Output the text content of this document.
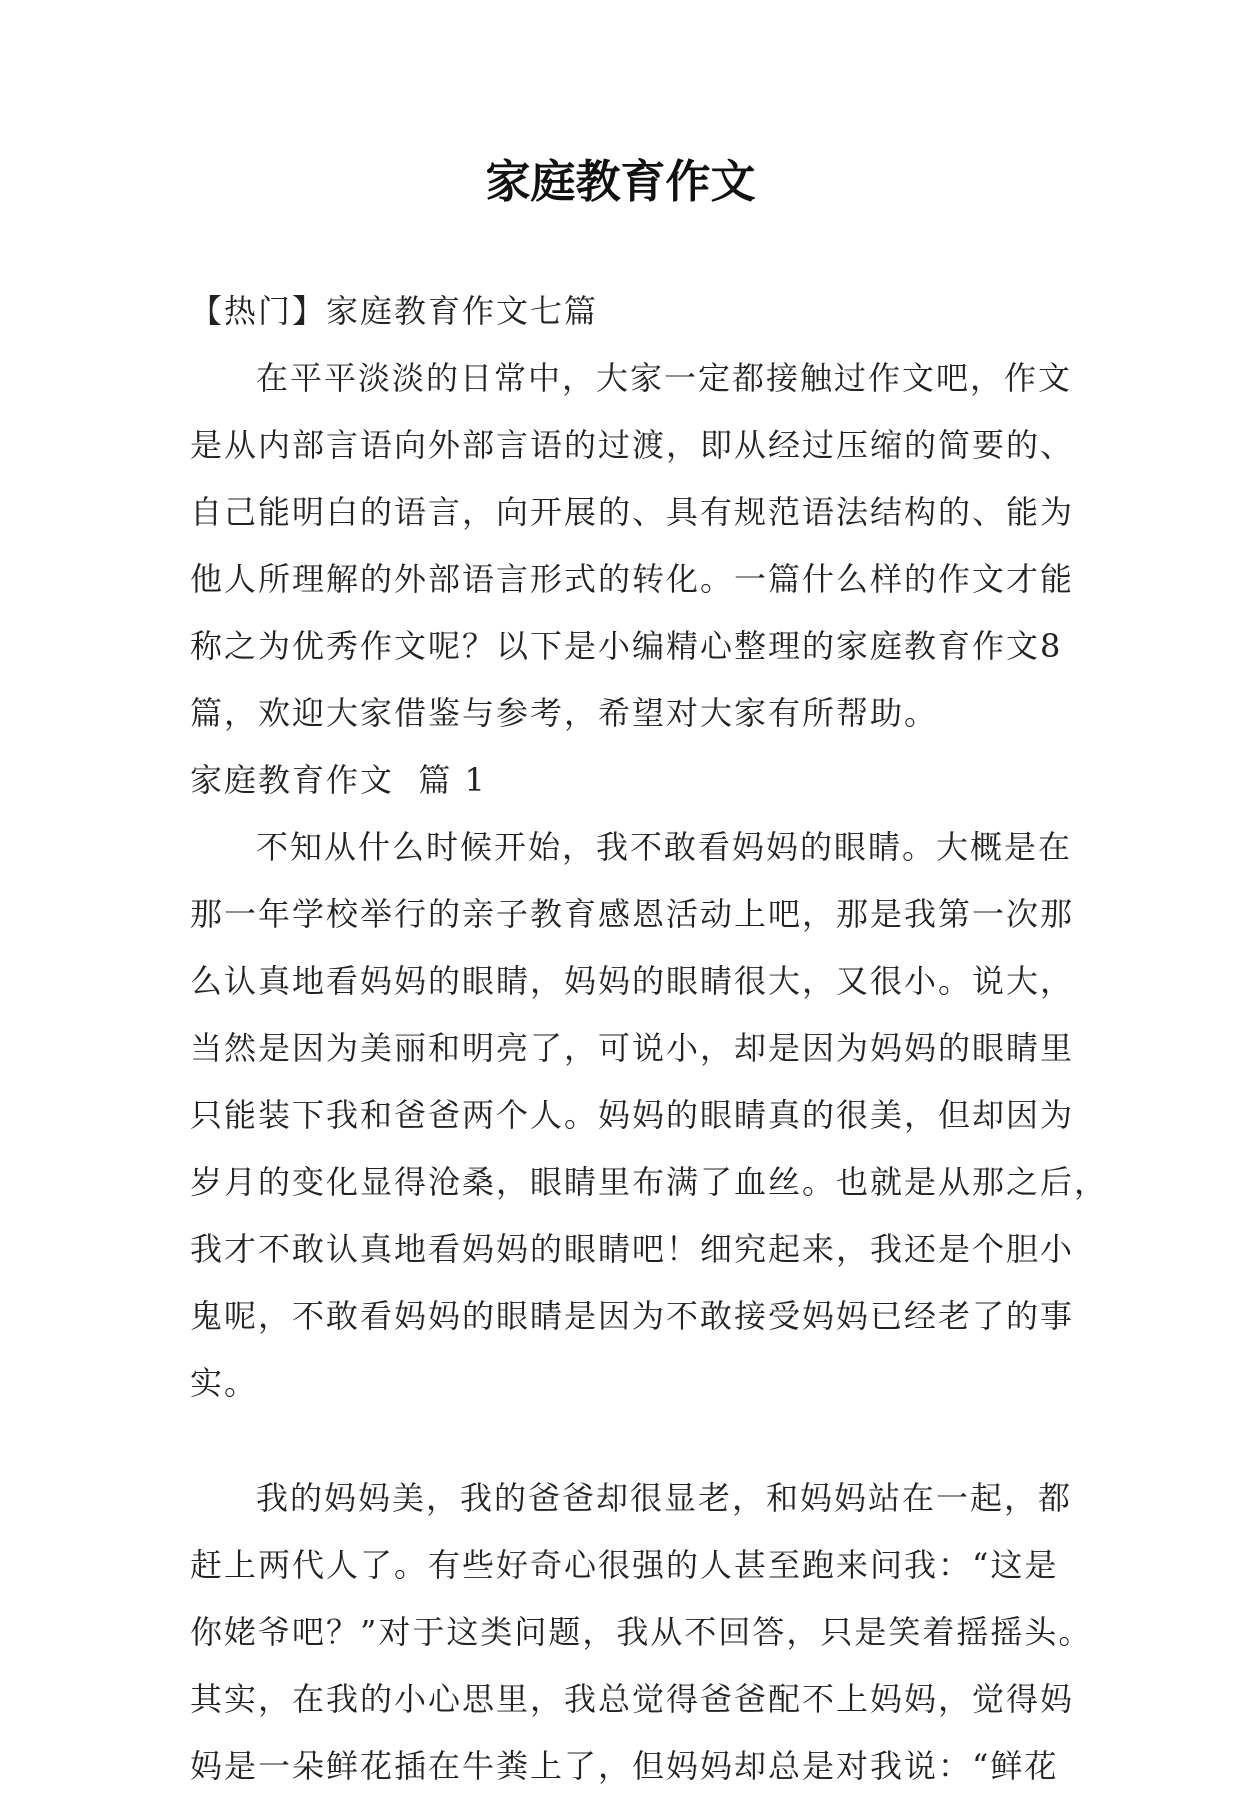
家庭教育作文

【热门】家庭教育作文七篇

在平平淡淡的日常中，大家一定都接触过作文吧，作文

是从内部言语向外部言语的过渡，即从经过压缩的简要的、

自己能明白的语言，向开展的、具有规范语法结构的、能为

他人所理解的外部语言形式的转化。一篇什么样的作文才能

称之为优秀作文呢？以下是小编精心整理的家庭教育作文8

篇，欢迎大家借鉴与参考，希望对大家有所帮助。

家庭教育作文  篇 1

不知从什么时候开始，我不敢看妈妈的眼睛。大概是在

那一年学校举行的亲子教育感恩活动上吧，那是我第一次那

么认真地看妈妈的眼睛，妈妈的眼睛很大，又很小。说大，

当然是因为美丽和明亮了，可说小，却是因为妈妈的眼睛里

只能装下我和爸爸两个人。妈妈的眼睛真的很美，但却因为

岁月的变化显得沧桑，眼睛里布满了血丝。也就是从那之后，

我才不敢认真地看妈妈的眼睛吧！细究起来，我还是个胆小

鬼呢，不敢看妈妈的眼睛是因为不敢接受妈妈已经老了的事

实。

我的妈妈美，我的爸爸却很显老，和妈妈站在一起，都

赶上两代人了。有些好奇心很强的人甚至跑来问我：“这是

你姥爷吧？”对于这类问题，我从不回答，只是笑着摇摇头。

其实，在我的小心思里，我总觉得爸爸配不上妈妈，觉得妈

妈是一朵鲜花插在牛粪上了，但妈妈却总是对我说：“鲜花
